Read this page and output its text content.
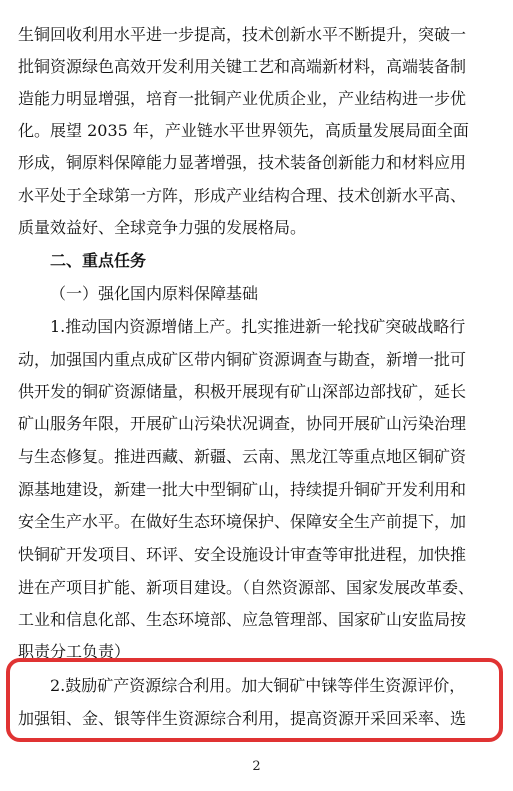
生铜回收利用水平进一步提高，技术创新水平不断提升，突破一
批铜资源绿色高效开发利用关键工艺和高端新材料，高端装备制
造能力明显增强，培育一批铜产业优质企业，产业结构进一步优
化。展望 2035 年，产业链水平世界领先，高质量发展局面全面
形成，铜原料保障能力显著增强，技术装备创新能力和材料应用
水平处于全球第一方阵，形成产业结构合理、技术创新水平高、
质量效益好、全球竞争力强的发展格局。
二、重点任务
（一）强化国内原料保障基础
1.推动国内资源增储上产。扎实推进新一轮找矿突破战略行
动，加强国内重点成矿区带内铜矿资源调查与勘查，新增一批可
供开发的铜矿资源储量，积极开展现有矿山深部边部找矿，延长
矿山服务年限，开展矿山污染状况调查，协同开展矿山污染治理
与生态修复。推进西藏、新疆、云南、黑龙江等重点地区铜矿资
源基地建设，新建一批大中型铜矿山，持续提升铜矿开发利用和
安全生产水平。在做好生态环境保护、保障安全生产前提下，加
快铜矿开发项目、环评、安全设施设计审查等审批进程，加快推
进在产项目扩能、新项目建设。（自然资源部、国家发展改革委、
工业和信息化部、生态环境部、应急管理部、国家矿山安监局按
职责分工负责）
2.鼓励矿产资源综合利用。加大铜矿中铼等伴生资源评价，
加强钼、金、银等伴生资源综合利用，提高资源开采回采率、选
2
